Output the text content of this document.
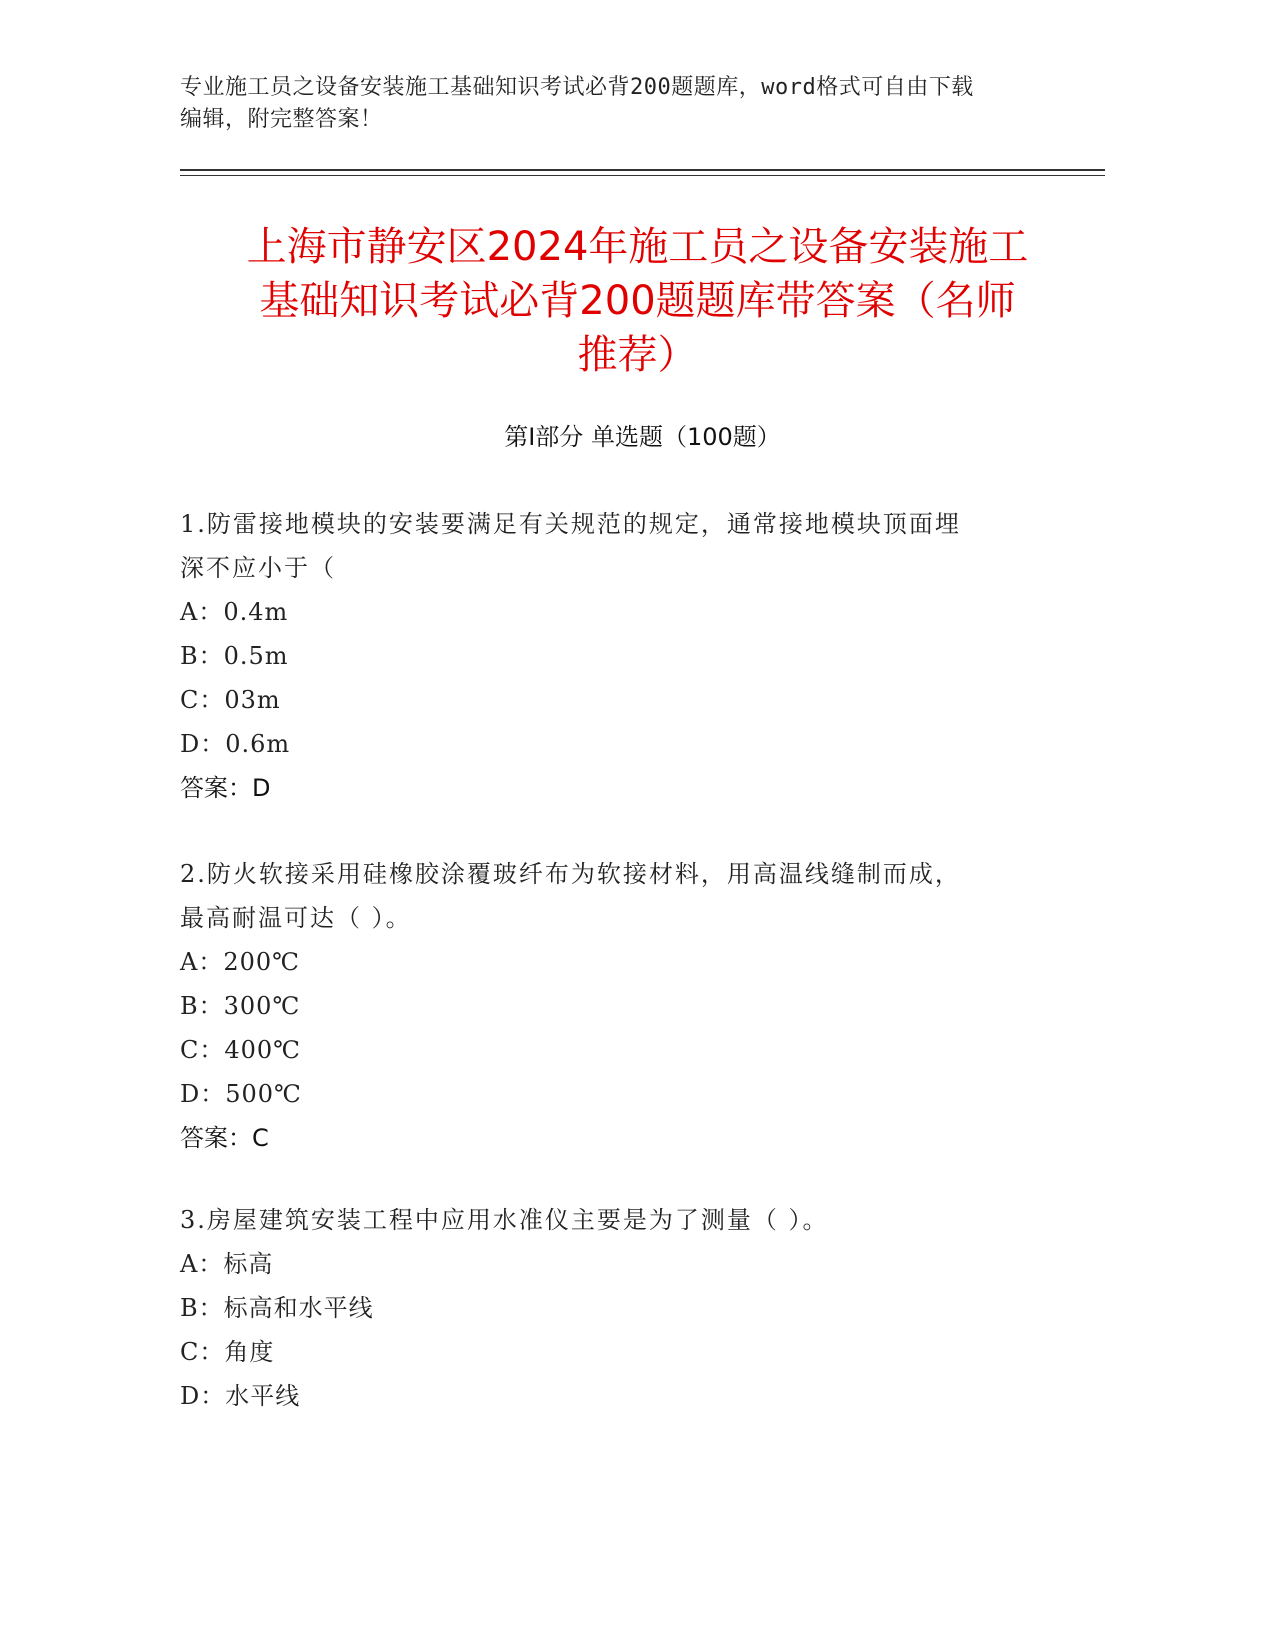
专业施工员之设备安装施工基础知识考试必背200题题库，word格式可自由下载
编辑，附完整答案！
上海市静安区2024年施工员之设备安装施工
基础知识考试必背200题题库带答案（名师
推荐）
第I部分 单选题（100题）

1.防雷接地模块的安装要满足有关规范的规定，通常接地模块顶面埋

深不应小于（

A：0.4m

B：0.5m

C：03m

D：0.6m

答案：D

2.防火软接采用硅橡胶涂覆玻纤布为软接材料，用高温线缝制而成，

最高耐温可达（ ）。

A：200℃

B：300℃

C：400℃

D：500℃

答案：C

3.房屋建筑安装工程中应用水准仪主要是为了测量（ ）。

A：标高

B：标高和水平线

C：角度

D：水平线
